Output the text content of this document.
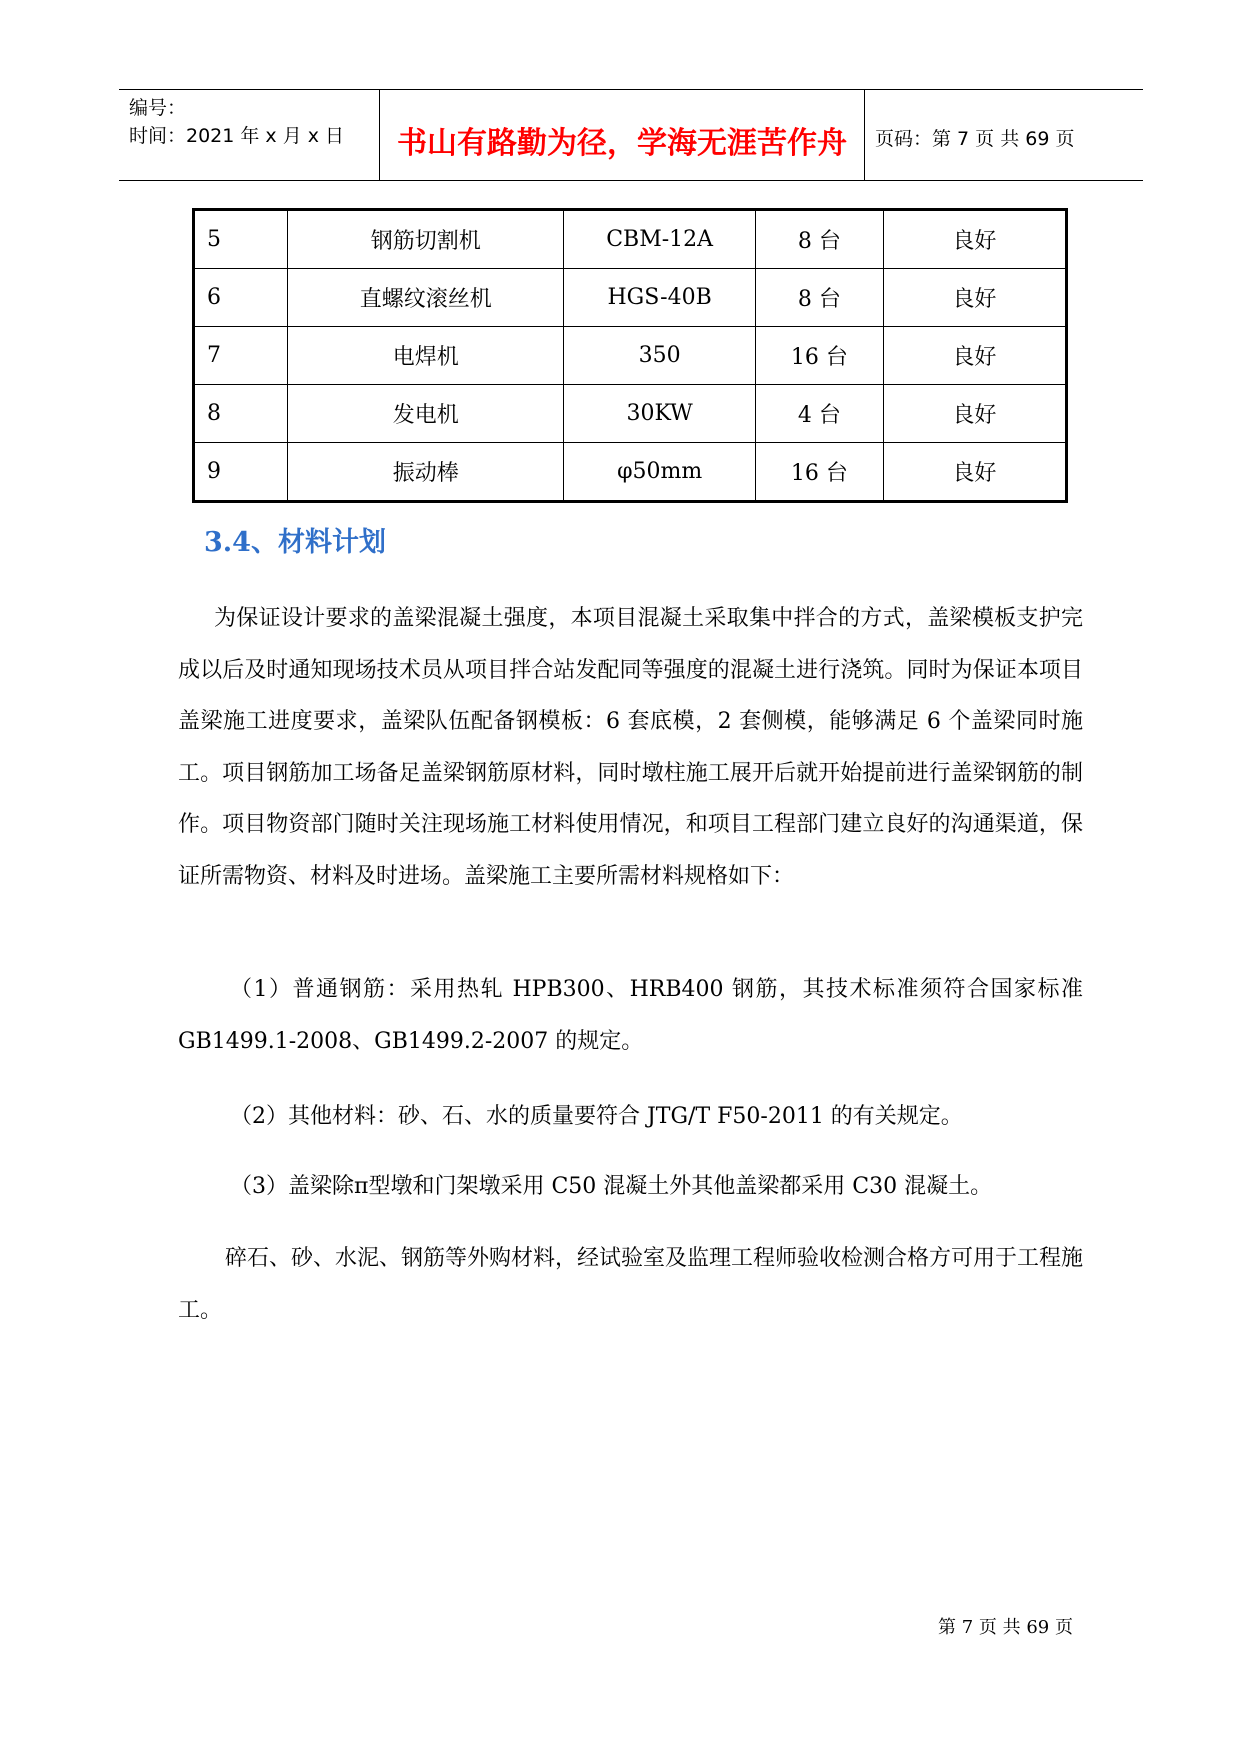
编号：
时间：2021 年 x 月 x 日	书山有路勤为径，学海无涯苦作舟	页码：第 7 页 共 69 页
5	钢筋切割机	CBM-12A	8 台	良好
6	直螺纹滚丝机	HGS-40B	8 台	良好
7	电焊机	350	16 台	良好
8	发电机	30KW	4 台	良好
9	振动棒	φ50mm	16 台	良好
3.4、材料计划

为保证设计要求的盖梁混凝土强度，本项目混凝土采取集中拌合的方式，盖梁模板支护完成以后及时通知现场技术员从项目拌合站发配同等强度的混凝土进行浇筑。同时为保证本项目盖梁施工进度要求，盖梁队伍配备钢模板：6 套底模，2 套侧模，能够满足 6 个盖梁同时施工。项目钢筋加工场备足盖梁钢筋原材料，同时墩柱施工展开后就开始提前进行盖梁钢筋的制作。项目物资部门随时关注现场施工材料使用情况，和项目工程部门建立良好的沟通渠道，保证所需物资、材料及时进场。盖梁施工主要所需材料规格如下：

（1）普通钢筋：采用热轧 HPB300、HRB400 钢筋，其技术标准须符合国家标准 GB1499.1-2008、GB1499.2-2007 的规定。

（2）其他材料：砂、石、水的质量要符合 JTG/T F50-2011 的有关规定。

（3）盖梁除π型墩和门架墩采用 C50 混凝土外其他盖梁都采用 C30 混凝土。

碎石、砂、水泥、钢筋等外购材料，经试验室及监理工程师验收检测合格方可用于工程施工。

第 7 页 共 69 页
